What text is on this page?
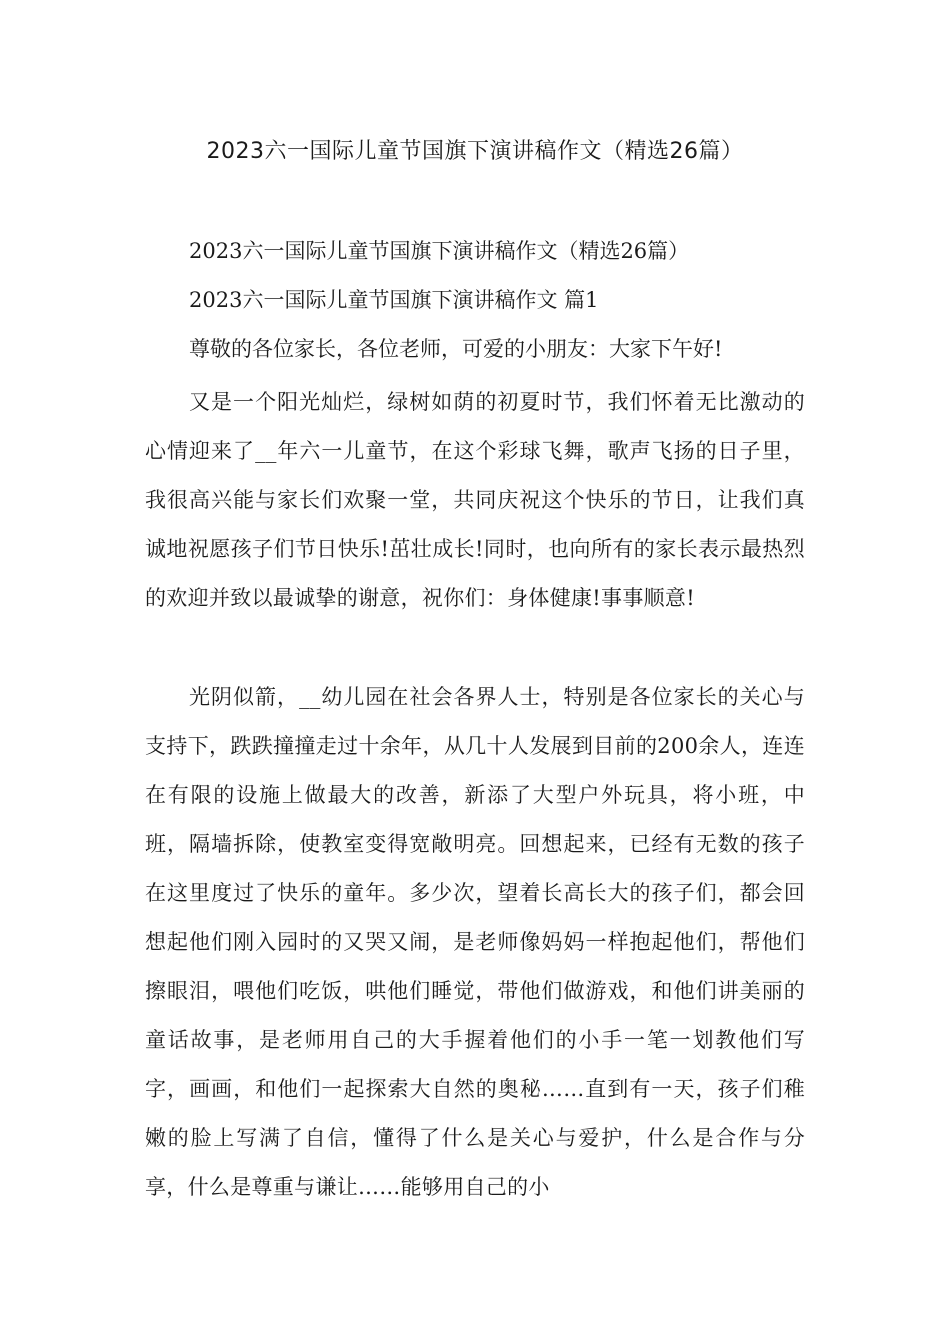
2023六一国际儿童节国旗下演讲稿作文（精选26篇）

2023六一国际儿童节国旗下演讲稿作文（精选26篇）

2023六一国际儿童节国旗下演讲稿作文 篇1

尊敬的各位家长，各位老师，可爱的小朋友：大家下午好!

又是一个阳光灿烂，绿树如荫的初夏时节，我们怀着无比激动的心情迎来了__年六一儿童节，在这个彩球飞舞，歌声飞扬的日子里，我很高兴能与家长们欢聚一堂，共同庆祝这个快乐的节日，让我们真诚地祝愿孩子们节日快乐!茁壮成长!同时，也向所有的家长表示最热烈的欢迎并致以最诚挚的谢意，祝你们：身体健康!事事顺意!

光阴似箭，__幼儿园在社会各界人士，特别是各位家长的关心与支持下，跌跌撞撞走过十余年，从几十人发展到目前的200余人，连连在有限的设施上做最大的改善，新添了大型户外玩具，将小班，中班，隔墙拆除，使教室变得宽敞明亮。回想起来，已经有无数的孩子在这里度过了快乐的童年。多少次，望着长高长大的孩子们，都会回想起他们刚入园时的又哭又闹，是老师像妈妈一样抱起他们，帮他们擦眼泪，喂他们吃饭，哄他们睡觉，带他们做游戏，和他们讲美丽的童话故事，是老师用自己的大手握着他们的小手一笔一划教他们写字，画画，和他们一起探索大自然的奥秘……直到有一天，孩子们稚嫩的脸上写满了自信，懂得了什么是关心与爱护，什么是合作与分享，什么是尊重与谦让……能够用自己的小
